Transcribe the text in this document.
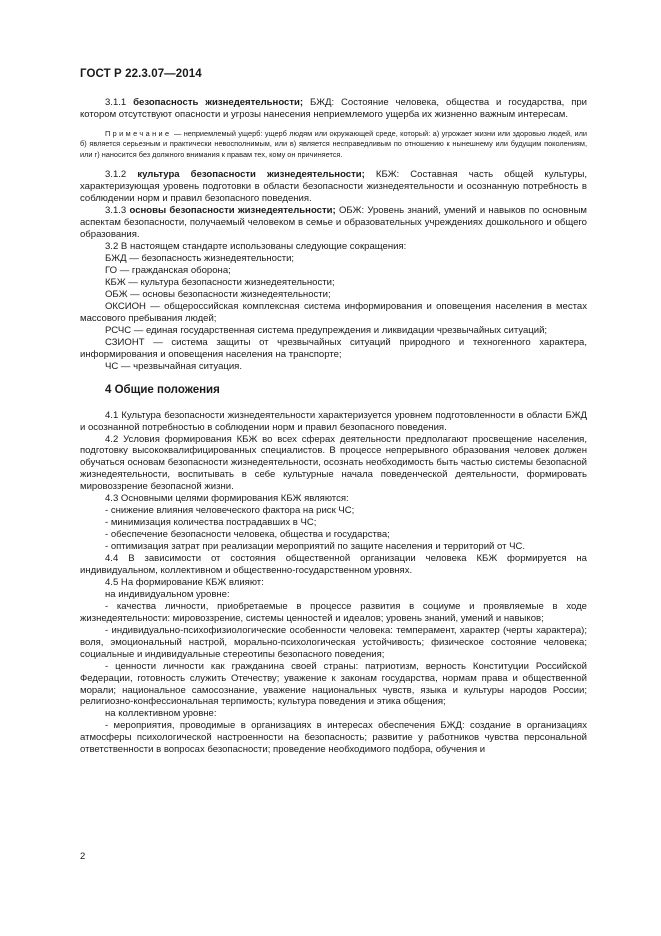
ГОСТ Р 22.3.07—2014

3.1.1 безопасность жизнедеятельности; БЖД: Состояние человека, общества и государства, при котором отсутствуют опасности и угрозы нанесения неприемлемого ущерба их жизненно важным интересам.

Примечание — неприемлемый ущерб: ущерб людям или окружающей среде, который: а) угрожает жизни или здоровью людей, или б) является серьезным и практически невосполнимым, или в) является несправедливым по отношению к нынешнему или будущим поколениям, или г) наносится без должного внимания к правам тех, кому он причиняется.

3.1.2 культура безопасности жизнедеятельности; КБЖ: Составная часть общей культуры, характеризующая уровень подготовки в области безопасности жизнедеятельности и осознанную потребность в соблюдении норм и правил безопасного поведения.

3.1.3 основы безопасности жизнедеятельности; ОБЖ: Уровень знаний, умений и навыков по основным аспектам безопасности, получаемый человеком в семье и образовательных учреждениях дошкольного и общего образования.

3.2 В настоящем стандарте использованы следующие сокращения:

БЖД — безопасность жизнедеятельности;

ГО — гражданская оборона;

КБЖ — культура безопасности жизнедеятельности;

ОБЖ — основы безопасности жизнедеятельности;

ОКСИОН — общероссийская комплексная система информирования и оповещения населения в местах массового пребывания людей;

РСЧС — единая государственная система предупреждения и ликвидации чрезвычайных ситуаций;

СЗИОНТ — система защиты от чрезвычайных ситуаций природного и техногенного характера, информирования и оповещения населения на транспорте;

ЧС — чрезвычайная ситуация.

4 Общие положения

4.1 Культура безопасности жизнедеятельности характеризуется уровнем подготовленности в области БЖД и осознанной потребностью в соблюдении норм и правил безопасного поведения.

4.2 Условия формирования КБЖ во всех сферах деятельности предполагают просвещение населения, подготовку высококвалифицированных специалистов. В процессе непрерывного образования человек должен обучаться основам безопасности жизнедеятельности, осознать необходимость быть частью системы безопасной жизнедеятельности, воспитывать в себе культурные начала поведенческой деятельности, формировать мировоззрение безопасной жизни.

4.3 Основными целями формирования КБЖ являются:

- снижение влияния человеческого фактора на риск ЧС;

- минимизация количества пострадавших в ЧС;

- обеспечение безопасности человека, общества и государства;

- оптимизация затрат при реализации мероприятий по защите населения и территорий от ЧС.

4.4 В зависимости от состояния общественной организации человека КБЖ формируется на индивидуальном, коллективном и общественно-государственном уровнях.

4.5 На формирование КБЖ влияют:

на индивидуальном уровне:

- качества личности, приобретаемые в процессе развития в социуме и проявляемые в ходе жизнедеятельности: мировоззрение, системы ценностей и идеалов; уровень знаний, умений и навыков;

- индивидуально-психофизиологические особенности человека: темперамент, характер (черты характера); воля, эмоциональный настрой, морально-психологическая устойчивость; физическое состояние человека; социальные и индивидуальные стереотипы безопасного поведения;

- ценности личности как гражданина своей страны: патриотизм, верность Конституции Российской Федерации, готовность служить Отечеству; уважение к законам государства, нормам права и общественной морали; национальное самосознание, уважение национальных чувств, языка и культуры народов России; религиозно-конфессиональная терпимость; культура поведения и этика общения;

на коллективном уровне:

- мероприятия, проводимые в организациях в интересах обеспечения БЖД: создание в организациях атмосферы психологической настроенности на безопасность; развитие у работников чувства персональной ответственности в вопросах безопасности; проведение необходимого подбора, обучения и

2
